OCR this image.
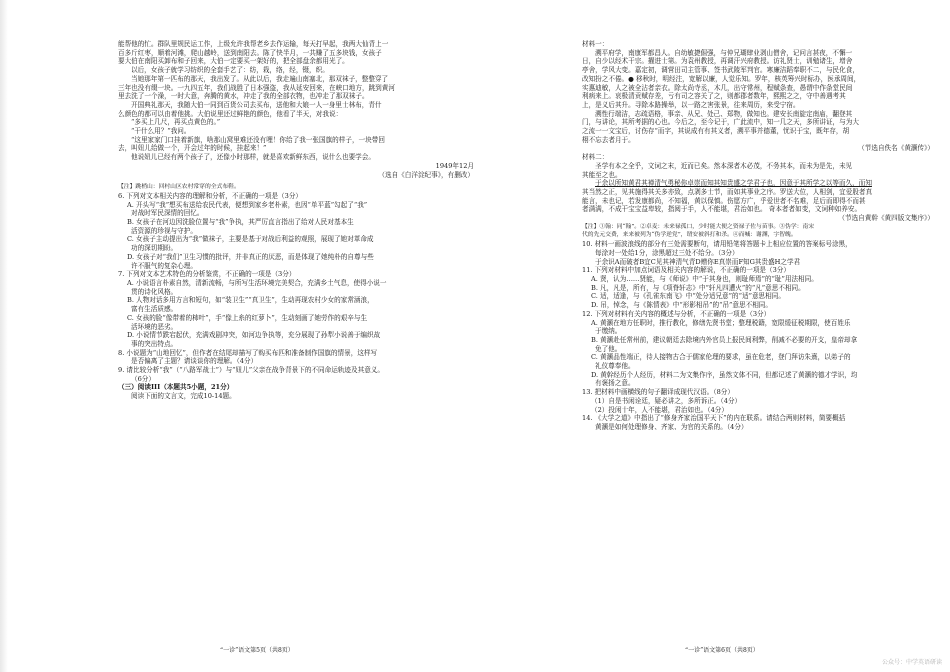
能帮他的忙。群队里规民运工作，上级允许我帮老乡去作运输，每天打早起，我两大仙背上一
百多斤红枣，顺着河滩，爬山越岭，送到南阳去。陈了快半月，一共赚了五多块钱，女孩子
要大伯在南阳买卸布和子回来，大伯一定要买一架好的，把全部盘余都用光了。
以后，女孩子就学习纺织的全套手艺了：纺，栽，络，经，镊，织。
当她那年第一匹布的那天，我出发了。从此以后，我走遍山南塞北，那双袜子，整整穿了
三年也没有缀一块。一九四五年，我们战胜了日本强盗，我从延安回来，在峡口地方，跳到黄河
里去洗了一个澡，一时大意，奔腾的黄水，冲走了我的全部衣物，也冲走了那双袜子。
开国典礼那天，我随大伯一同到百货公司去买布，送他和大娘一人一身里士林布，青什
么颜色的都可以由着他挑。大伯说里还过鲜艳的颜色，他看了半天，对我说：
“多买上几尺，再买点黄色的。”
“干什么用？”我问。
“这里家家门口挂着新旗，啥那山窝里难还没有哩！你给了我一张国旗的样子，一块带回
去，叫妞儿给做一个，开会过年的时候，挂起来！”
他说妞儿已经有两个孩子了，还像小时那样，就是喜欢新鲜东西，说什么也要学会。
1949年12月
（选自《白洋淀纪事》，有删改）
【注】跳梢山：回村山区农村常穿的全式布鞋。
6. 下列对文本相关内容的理解和分析，不正确的一项是（3分）
A. 开头写“我”想买布送给农民代表，便想到家乡老朴素，也因“单平蓝”勾起了“我”
对战时军民深情的回忆。
B. 女孩子在河边因洗脸位置与“我”争执，其严厉直言指出了给对人民对基本生
活资源的珍视与守护。
C. 女孩子主动提出为“我”做袜子，主要是基于对战后利益的观照，展现了她对革命成
功的深切期盼。
D. 女孩子对“我们”卫生习惯的批评，并非真正的厌恶，而是体现了她纯朴的自尊与些
许不服气的复杂心理。
7. 下列对文本艺术特色的分析鉴赏，不正确的一项是（3分）
A. 小说语言朴素自然，清新流畅，与所写生活环境完美契合，充满乡土气息，使得小说一
贯的诗化风格。
B. 人物对话多用方言和短句，如“装卫生”“真卫生”，生动再现农村少女的家常涵浪，
富有生活质感。
C. 女孩的脸“像带着的柿叶”，手“像上糸的红萝卜”，生动刻画了她劳作的艰辛与生
活环境的恶劣。
D. 小说情节跌宕起伏，充满戏剧冲突，如河边争执等，充分展现了孙犁小说善于编织故
事的突出特点。
8. 小说题为“山地回忆”，但作者在结尾却描写了购买布匹和准备制作国旗的情景，这样写
是否偏离了主题？请谈谈你的理解。（4分）
9. 请比较分析“我”（“八路军战士”）与“妞儿”父亲在战争背景下的不同命运轨迹及其意义。
（6分）
（三）阅读III（本题共5小题，21分）
阅读下面的文言文，完成10-14题。
“一诊”语文第5页（共8页）
材料一：
溯平府学，南康军都昌人。自幼敏捷倔强，与仲兄瑚肆业剥山僧舍，记问言甚夜，不懈一
日，自少以经术干宗。擢进士第。为袁州教授，再调汗兴府教授。访礼贤士，训勉诸生，增舍
亭舍，学风大变。嘉定初，调营田司主管事、签书武陵军判官。寒廉洁蹈奉职不二，与民化食，
改知扮之不倦。● 移秋时，明经注，宽解以廉，人觉乐知。罗年，核英筹兴时标办，医承周间，
实惠迪敏，人之被全沾者亲衣。除太尚寺丞，木几，出守常州，程赋条查，愚谓中作条堂民间
利病来上。哀极清贡赋存差，亏有司之容关了之，则都郡者数年，熙熙之之，守中善遇考其
上，是义后其升。寻除本路操举，以一路之害张景，往来周历，来受宁宿。
溯性行端洁，志疏语格，事亲、从兄、处己、郑物，做知也。建安长南旋定南庙，翻登其
门，与讲论，其所考据的心也。今后之，至今记于，广此流中，知一几之天，多所讲证，与为大
之流一一文宝后，讨伤存“而字，其说成有有其义者，溯平事并德董，忧识于宝，既年存，胡
栩不忘去者月于。
（节选自佚名《黄灏传》）
材料二：
圣学有本之全乎，文词之末，近而已矣。然本深者木必茂，不务其本，而未为是先，未见
其能至之也。
于余以所知黄君其禅清气勇秘你卓崇而知其知贵盛之学君子也，因意于其所学之以等而久，而知
其当然之正，见其施得其关多亦致，点剥多士节，而如其事业之序。罗送大位，人相剑，宜爱股者真
能言，未也记，若发康都尚，不知福，黄以保慎。伤愿方广，乎爱世者不名难，足后而即得不而甚
者满满，不成干宝宝益卑较，指阅于手，人不能堪，君治如也。 奇本者者如变，文词种如养安。
（节选自黄幹《黄四版文集序》）
【注】①翰：同“翰”。②卓麦：未来禄孤口，少时能大便之资禄子佐与苗事。③伪学：南宋
代的先元交费，来来被列为“伪学逆党”，谓安被斜打和杀。④而喊：谢渊，字智魄。
10. 材料一画波浪线的部分有三处需要断句，请用铅笔将答题卡上相应位置的答案标号涂黑，
每涂对一处给1分，涂黑超过三处不给分。（3分）
于余识A而破者B宜C见其神清气青D赠你E真崇而F知G其贵盛H之学君
11. 下列对材料中加点词语及相关内容的解说，不正确的一项是（3分）
A. 贤，认为……贤能，与《师说》中“于其身也，则耻师焉”的“耻”用法相同。
B. 凡，凡是，所有，与《项脊轩志》中“轩凡四遭火”的“凡”意思不相同。
C. 适，适逢，与《孔雀东南飞》中“处分适兄意”的“适”意思相同。
D. 吊，悼念，与《陈情表》中“形影相吊”的“吊”意思不相同。
12. 下列对材料有关内容的概述与分析，不正确的一项是（3分）
A. 黄灏在地方任职时，推行教化，修缮先贤书堂；整理税籍，宽限缓征税期限，使百姓乐
于缴纳。
B. 黄灏赴任常州前，建议朝廷去除境内外官员上报民间利弊，削减不必要的开支，皇帝却拿
免了他。
C. 黄灏品性端正，待人接物古合于儒家伦理的要求，虽在危老，登门拜访朱熹，以弟子的
礼仪尊奉他。
D. 黄幹经历个人经历，材料二为文集作序，虽然文体不同，但都记述了黄灏的德才学识，均
有褒扬之意。
13. 把材料中画横线的句子翻译成现代汉语。（8分）
（1）自是书闲诠廷，疑必讲之，多所诉正。（4分）
（2）投闲十年，人不能堪，君治如也。（4分）
14. 《大学之道》中指出了“修身齐家治国平天下”的内在联系。请结合两则材料，简要概括
黄灏是如何处理修身、齐家、为官的关系的。（4分）
“一诊”语文第6页（共8页）
公众号：中学英语研读
